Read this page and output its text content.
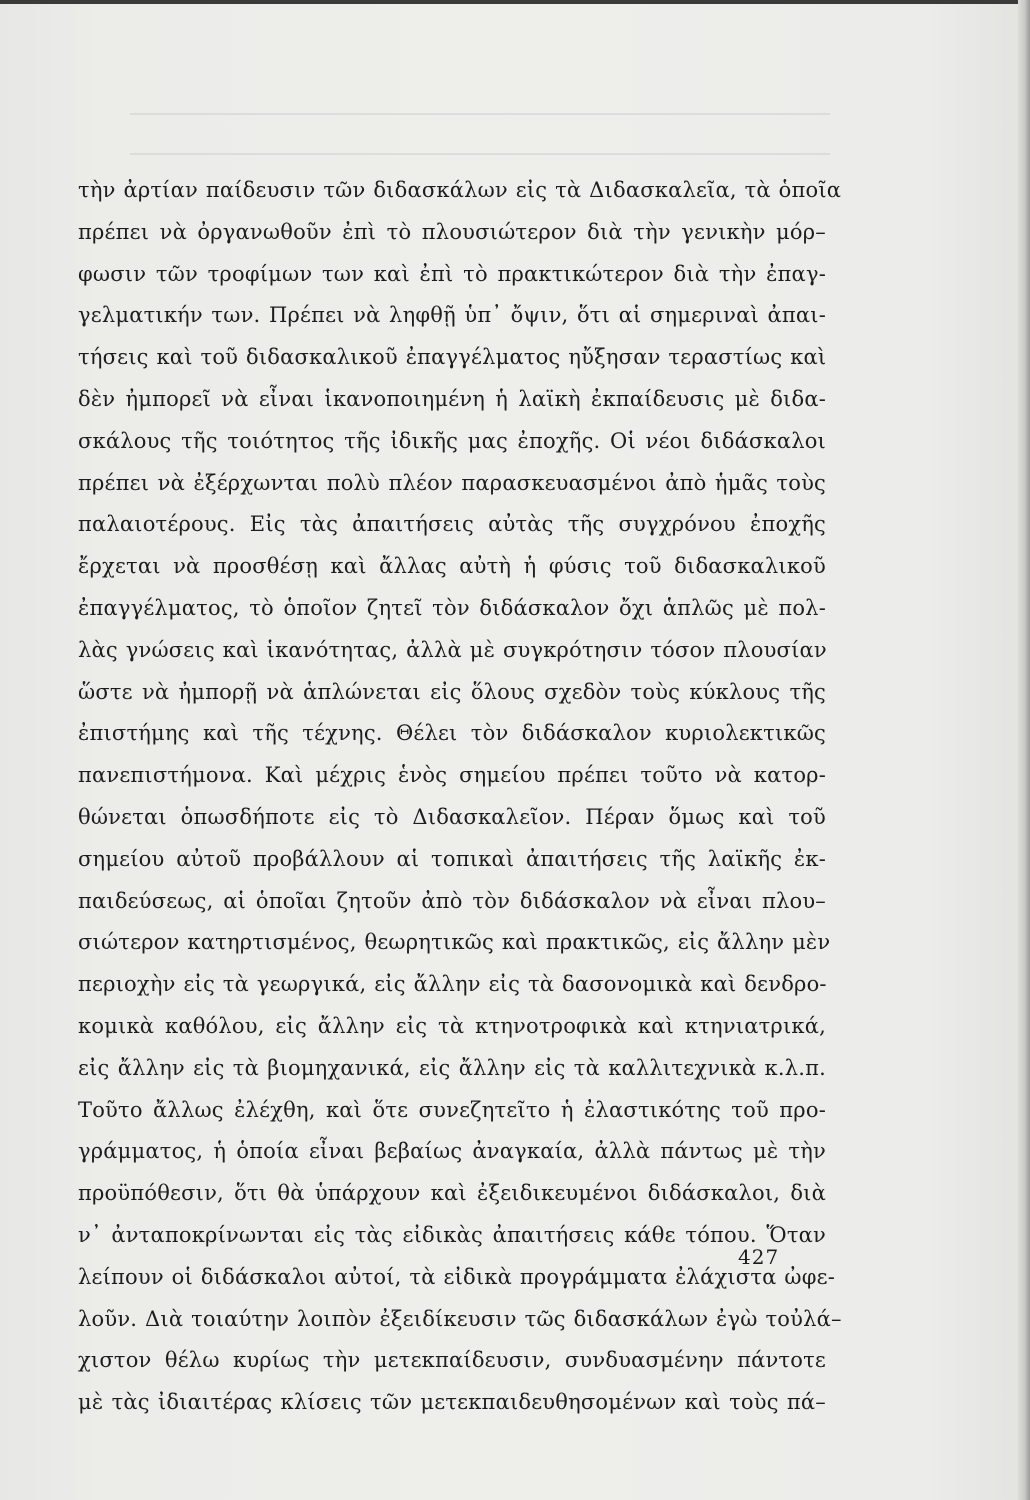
τὴν ἀρτίαν παίδευσιν τῶν διδασκάλων εἰς τὰ Διδασκαλεῖα, τὰ ὁποῖα
πρέπει νὰ ὀργανωθοῦν ἐπὶ τὸ πλουσιώτερον διὰ τὴν γενικὴν μόρ–
φωσιν τῶν τροφίμων των καὶ ἐπὶ τὸ πρακτικώτερον διὰ τὴν ἐπαγ-
γελματικήν των. Πρέπει νὰ ληφθῇ ὑπ᾿ ὄψιν, ὅτι αἱ σημεριναὶ ἀπαι-
τήσεις καὶ τοῦ διδασκαλικοῦ ἐπαγγέλματος ηὔξησαν τεραστίως καὶ
δὲν ἠμπορεῖ νὰ εἶναι ἱκανοποιημένη ἡ λαϊκὴ ἐκπαίδευσις μὲ διδα-
σκάλους τῆς τοιότητος τῆς ἰδικῆς μας ἐποχῆς. Οἱ νέοι διδάσκαλοι
πρέπει νὰ ἐξέρχωνται πολὺ πλέον παρασκευασμένοι ἀπὸ ἡμᾶς τοὺς
παλαιοτέρους. Εἰς τὰς ἀπαιτήσεις αὐτὰς τῆς συγχρόνου ἐποχῆς
ἔρχεται νὰ προσθέσῃ καὶ ἄλλας αὐτὴ ἡ φύσις τοῦ διδασκαλικοῦ
ἐπαγγέλματος, τὸ ὁποῖον ζητεῖ τὸν διδάσκαλον ὄχι ἁπλῶς μὲ πολ-
λὰς γνώσεις καὶ ἱκανότητας, ἀλλὰ μὲ συγκρότησιν τόσον πλουσίαν
ὥστε νὰ ἠμπορῇ νὰ ἁπλώνεται εἰς ὅλους σχεδὸν τοὺς κύκλους τῆς
ἐπιστήμης καὶ τῆς τέχνης. Θέλει τὸν διδάσκαλον κυριολεκτικῶς
πανεπιστήμονα. Καὶ μέχρις ἑνὸς σημείου πρέπει τοῦτο νὰ κατορ-
θώνεται ὁπωσδήποτε εἰς τὸ Διδασκαλεῖον. Πέραν ὅμως καὶ τοῦ
σημείου αὐτοῦ προβάλλουν αἱ τοπικαὶ ἀπαιτήσεις τῆς λαϊκῆς ἐκ-
παιδεύσεως, αἱ ὁποῖαι ζητοῦν ἀπὸ τὸν διδάσκαλον νὰ εἶναι πλου–
σιώτερον κατηρτισμένος, θεωρητικῶς καὶ πρακτικῶς, εἰς ἄλλην μὲν
περιοχὴν εἰς τὰ γεωργικά, εἰς ἄλλην εἰς τὰ δασονομικὰ καὶ δενδρο-
κομικὰ καθόλου, εἰς ἄλλην εἰς τὰ κτηνοτροφικὰ καὶ κτηνιατρικά,
εἰς ἄλλην εἰς τὰ βιομηχανικά, εἰς ἄλλην εἰς τὰ καλλιτεχνικὰ κ.λ.π.
Τοῦτο ἄλλως ἐλέχθη, καὶ ὅτε συνεζητεῖτο ἡ ἐλαστικότης τοῦ προ-
γράμματος, ἡ ὁποία εἶναι βεβαίως ἀναγκαία, ἀλλὰ πάντως μὲ τὴν
προϋπόθεσιν, ὅτι θὰ ὑπάρχουν καὶ ἐξειδικευμένοι διδάσκαλοι, διὰ
ν᾿ ἀνταποκρίνωνται εἰς τὰς εἰδικὰς ἀπαιτήσεις κάθε τόπου. Ὅταν
λείπουν οἱ διδάσκαλοι αὐτοί, τὰ εἰδικὰ προγράμματα ἐλάχιστα ὠφε-
λοῦν. Διὰ τοιαύτην λοιπὸν ἐξειδίκευσιν τῶς διδασκάλων ἐγὼ τοὐλά–
χιστον θέλω κυρίως τὴν μετεκπαίδευσιν, συνδυασμένην πάντοτε
μὲ τὰς ἰδιαιτέρας κλίσεις τῶν μετεκπαιδευθησομένων καὶ τοὺς πά–
427
